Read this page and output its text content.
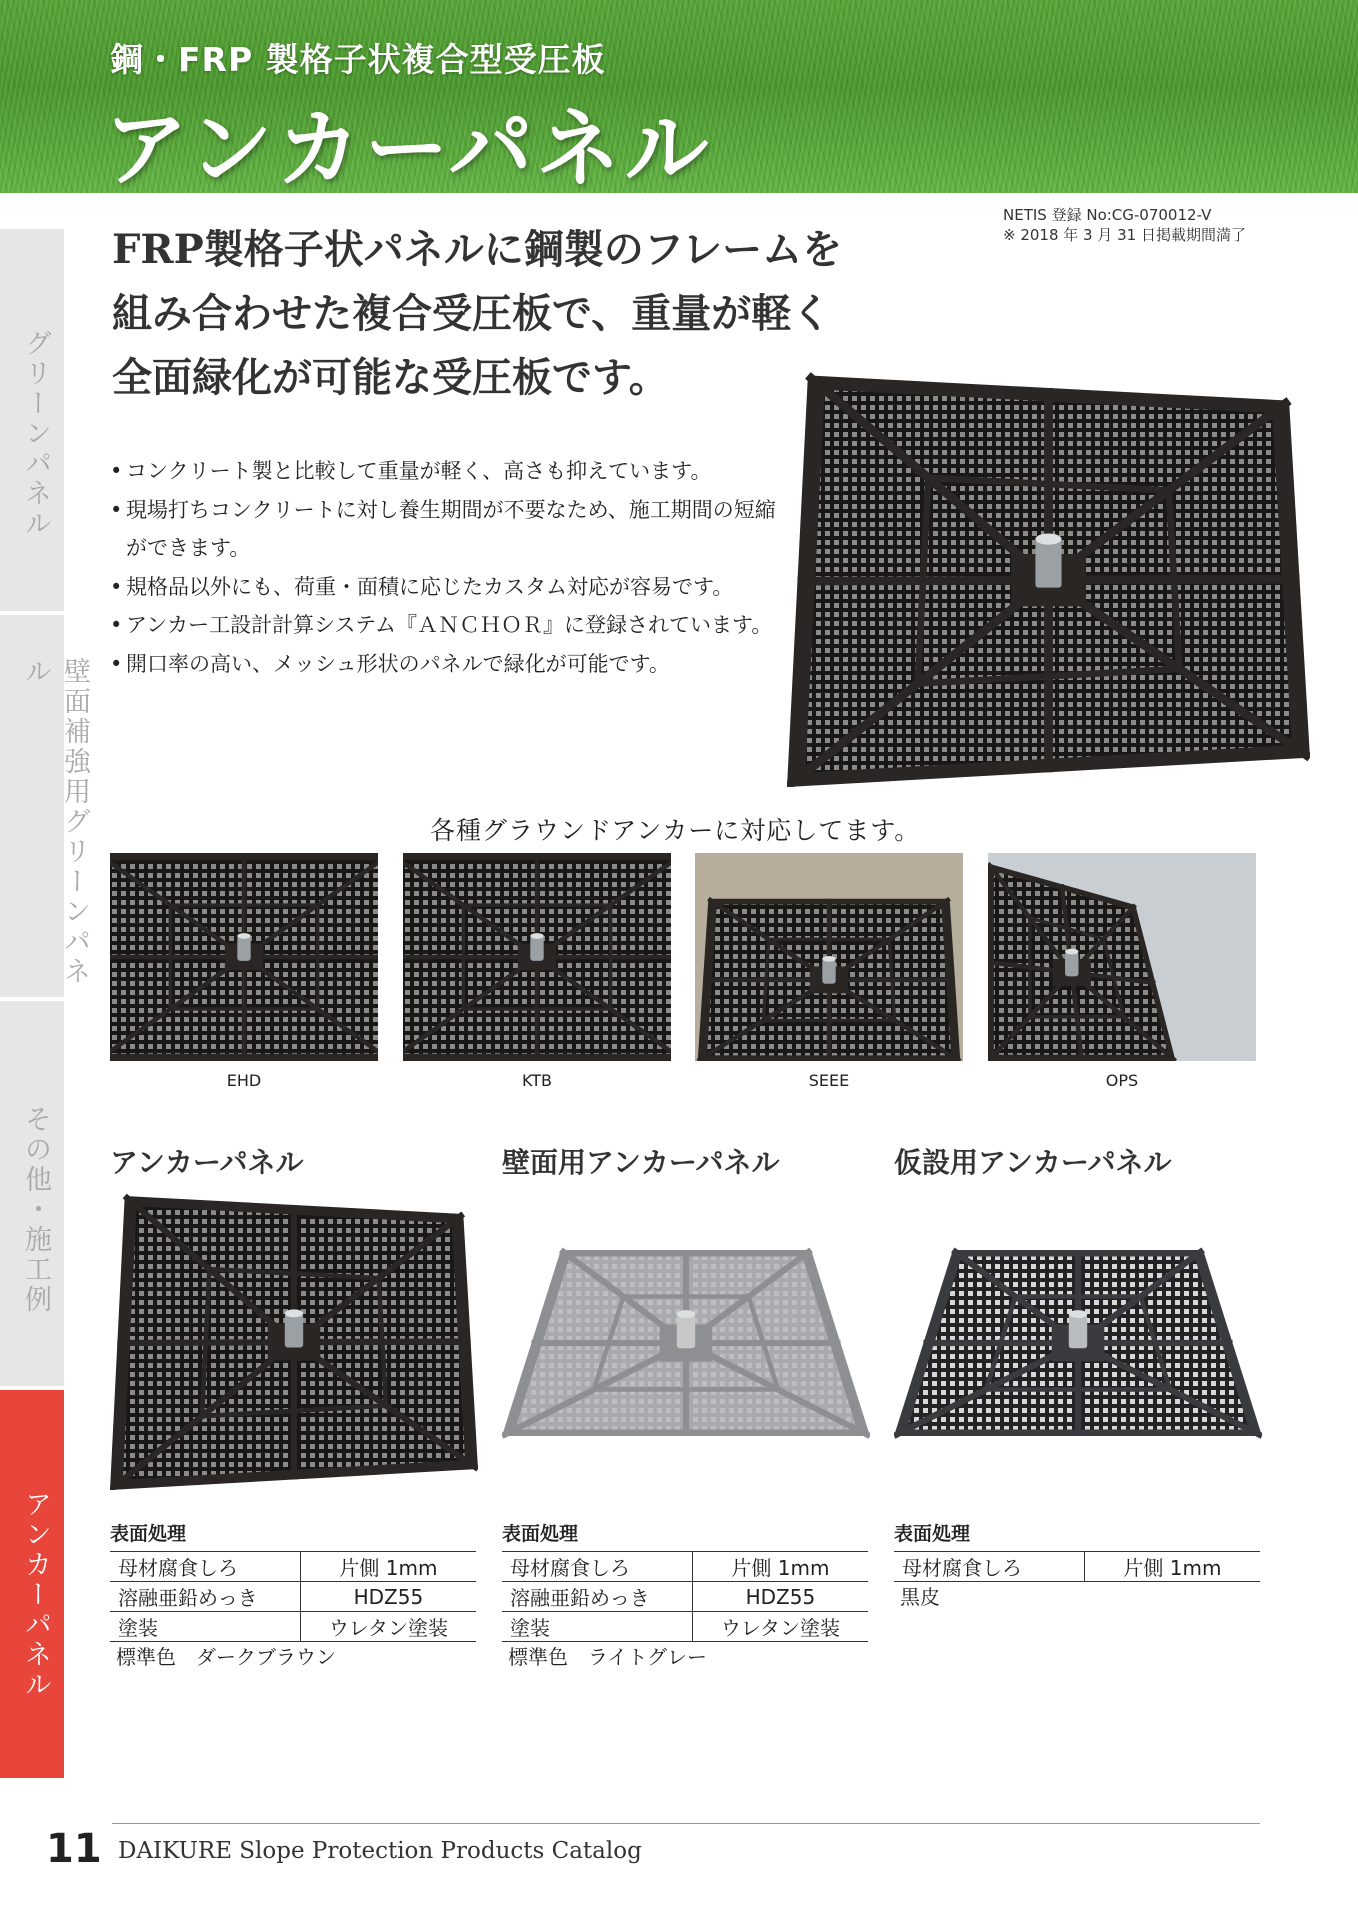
鋼・FRP 製格子状複合型受圧板
アンカーパネル
グリーンパネル
壁面補強用グリーンパネル
その他・施工例
アンカーパネル
NETIS 登録 No:CG-070012-V
※ 2018 年 3 月 31 日掲載期間満了
FRP製格子状パネルに鋼製のフレームを
組み合わせた複合受圧板で、重量が軽く
全面緑化が可能な受圧板です。
• コンクリート製と比較して重量が軽く、高さも抑えています。
• 現場打ちコンクリートに対し養生期間が不要なため、施工期間の短縮ができます。
• 規格品以外にも、荷重・面積に応じたカスタム対応が容易です。
• アンカー工設計計算システム『ＡＮＣＨＯＲ』に登録されています。
• 開口率の高い、メッシュ形状のパネルで緑化が可能です。
各種グラウンドアンカーに対応してます。
EHD	KTB	SEEE	OPS
アンカーパネル	壁面用アンカーパネル	仮設用アンカーパネル
表面処理
母材腐食しろ	片側 1mm
溶融亜鉛めっき	HDZ55
塗装	ウレタン塗装
標準色　ダークブラウン
表面処理
母材腐食しろ	片側 1mm
溶融亜鉛めっき	HDZ55
塗装	ウレタン塗装
標準色　ライトグレー
表面処理
母材腐食しろ	片側 1mm
黒皮
11 DAIKURE Slope Protection Products Catalog
